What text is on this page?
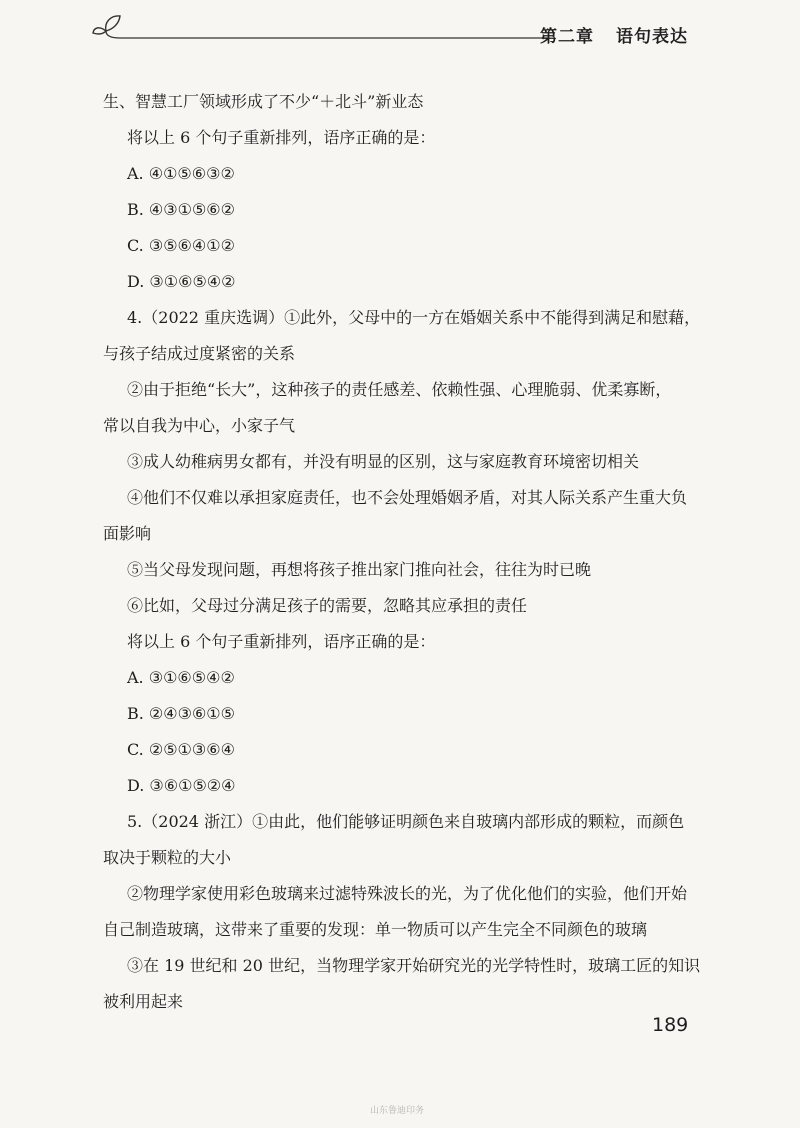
第二章 语句表达

生、智慧工厂领域形成了不少“＋北斗”新业态

将以上 6 个句子重新排列，语序正确的是：

A. ④①⑤⑥③②

B. ④③①⑤⑥②

C. ③⑤⑥④①②

D. ③①⑥⑤④②

4.（2022 重庆选调）①此外，父母中的一方在婚姻关系中不能得到满足和慰藉，

与孩子结成过度紧密的关系

②由于拒绝“长大”，这种孩子的责任感差、依赖性强、心理脆弱、优柔寡断，

常以自我为中心，小家子气

③成人幼稚病男女都有，并没有明显的区别，这与家庭教育环境密切相关

④他们不仅难以承担家庭责任，也不会处理婚姻矛盾，对其人际关系产生重大负

面影响

⑤当父母发现问题，再想将孩子推出家门推向社会，往往为时已晚

⑥比如，父母过分满足孩子的需要，忽略其应承担的责任

将以上 6 个句子重新排列，语序正确的是：

A. ③①⑥⑤④②

B. ②④③⑥①⑤

C. ②⑤①③⑥④

D. ③⑥①⑤②④

5.（2024 浙江）①由此，他们能够证明颜色来自玻璃内部形成的颗粒，而颜色

取决于颗粒的大小

②物理学家使用彩色玻璃来过滤特殊波长的光，为了优化他们的实验，他们开始

自己制造玻璃，这带来了重要的发现：单一物质可以产生完全不同颜色的玻璃

③在 19 世纪和 20 世纪，当物理学家开始研究光的光学特性时，玻璃工匠的知识

被利用起来

189
山东鲁迪印务
